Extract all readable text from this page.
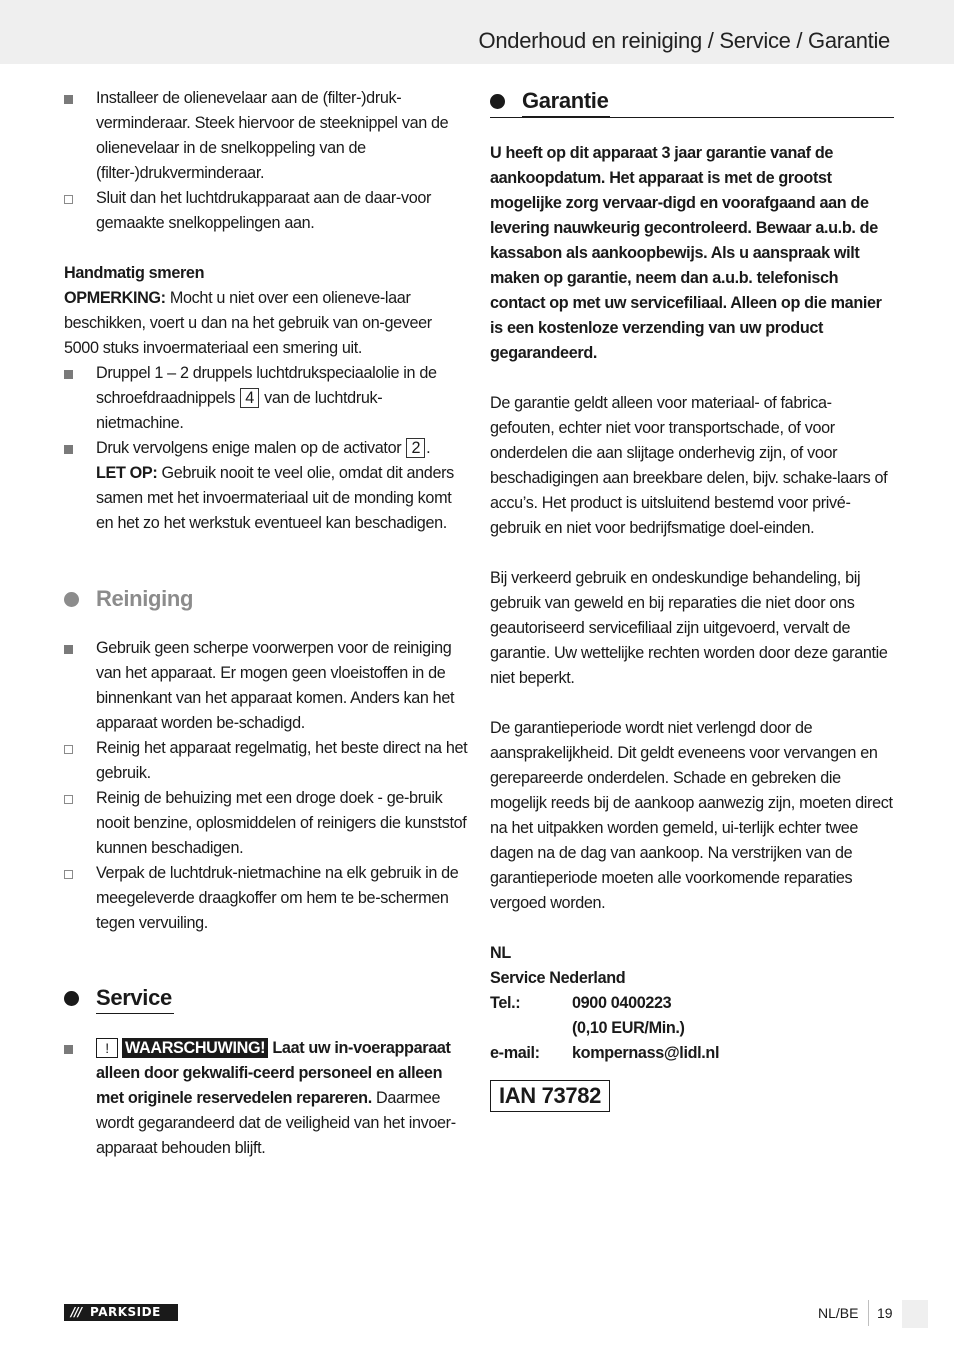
Onderhoud en reiniging / Service / Garantie
Installeer de olienevelaar aan de (filter-)druk-verminderaar. Steek hiervoor de steeknippel van de olienevelaar in de snelkoppeling van de (filter-)drukverminderaar.
Sluit dan het luchtdrukapparaat aan de daar-voor gemaakte snelkoppelingen aan.
Handmatig smeren
OPMERKING: Mocht u niet over een olieneve-laar beschikken, voert u dan na het gebruik van on-geveer 5000 stuks invoermateriaal een smering uit.
Druppel 1 – 2 druppels luchtdrukspeciaalolie in de schroefdraadnippels 4 van de luchtdruk-nietmachine.
Druk vervolgens enige malen op de activator 2 .
LET OP: Gebruik nooit te veel olie, omdat dit anders samen met het invoermateriaal uit de monding komt en het zo het werkstuk eventueel kan beschadigen.
Reiniging
Gebruik geen scherpe voorwerpen voor de reiniging van het apparaat. Er mogen geen vloeistoffen in de binnenkant van het apparaat komen. Anders kan het apparaat worden be-schadigd.
Reinig het apparaat regelmatig, het beste direct na het gebruik.
Reinig de behuizing met een droge doek - ge-bruik nooit benzine, oplosmiddelen of reinigers die kunststof kunnen beschadigen.
Verpak de luchtdruk-nietmachine na elk gebruik in de meegeleverde draagkoffer om hem te be-schermen tegen vervuiling.
Service
! WAARSCHUWING! Laat uw in-voerapparaat alleen door gekwalifi-ceerd personeel en alleen met originele reservedelen repareren. Daarmee wordt gegarandeerd dat de veiligheid van het invoer-apparaat behouden blijft.
Garantie
U heeft op dit apparaat 3 jaar garantie vanaf de aankoopdatum. Het apparaat is met de grootst mogelijke zorg vervaar-digd en voorafgaand aan de levering nauwkeurig gecontroleerd. Bewaar a.u.b. de kassabon als aankoopbewijs. Als u aanspraak wilt maken op garantie, neem dan a.u.b. telefonisch contact op met uw servicefiliaal. Alleen op die manier is een kostenloze verzending van uw product gegarandeerd.
De garantie geldt alleen voor materiaal- of fabrica-gefouten, echter niet voor transportschade, of voor onderdelen die aan slijtage onderhevig zijn, of voor beschadigingen aan breekbare delen, bijv. schake-laars of accu’s. Het product is uitsluitend bestemd voor privé-gebruik en niet voor bedrijfsmatige doel-einden.
Bij verkeerd gebruik en ondeskundige behandeling, bij gebruik van geweld en bij reparaties die niet door ons geautoriseerd servicefiliaal zijn uitgevoerd, vervalt de garantie. Uw wettelijke rechten worden door deze garantie niet beperkt.
De garantieperiode wordt niet verlengd door de aansprakelijkheid. Dit geldt eveneens voor vervangen en gerepareerde onderdelen. Schade en gebreken die mogelijk reeds bij de aankoop aanwezig zijn, moeten direct na het uitpakken worden gemeld, ui-terlijk echter twee dagen na de dag van aankoop. Na verstrijken van de garantieperiode moeten alle voorkomende reparaties vergoed worden.
NL
Service Nederland
Tel.:	0900 0400223
(0,10 EUR/Min.)
e-mail:	kompernass@lidl.nl
IAN 73782
/// PARKSIDE	NL/BE 19
